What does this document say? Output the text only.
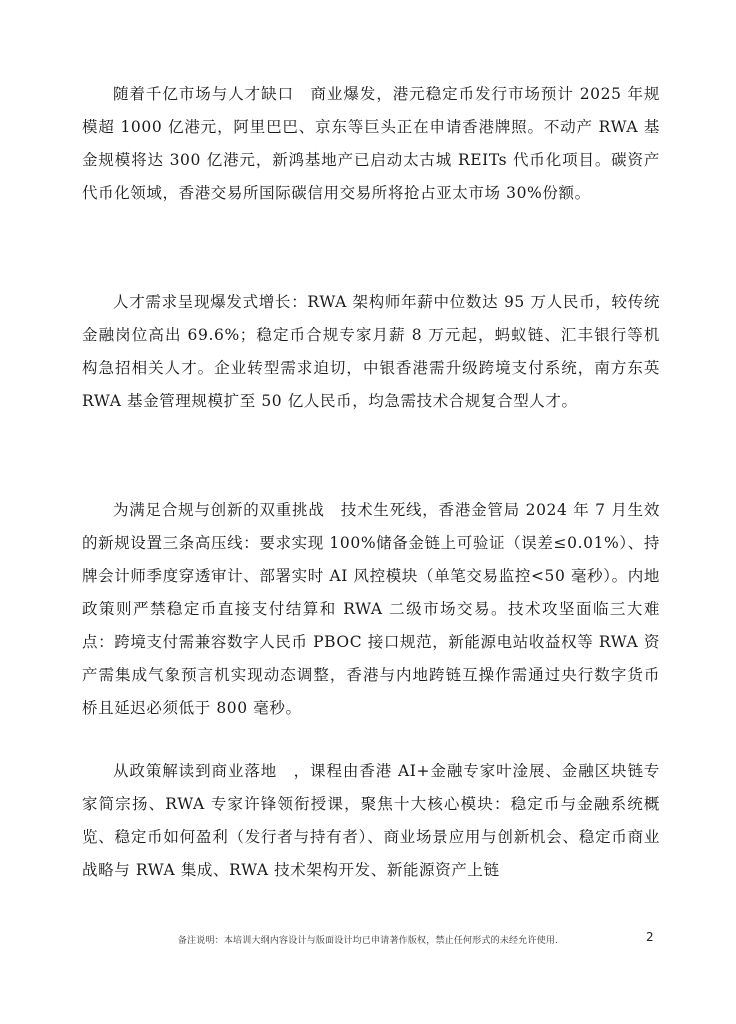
随着千亿市场与人才缺口　商业爆发，港元稳定币发行市场预计 2025 年规模超 1000 亿港元，阿里巴巴、京东等巨头正在申请香港牌照。不动产 RWA 基金规模将达 300 亿港元，新鸿基地产已启动太古城 REITs 代币化项目。碳资产代币化领域，香港交易所国际碳信用交易所将抢占亚太市场 30%份额。

人才需求呈现爆发式增长：RWA 架构师年薪中位数达 95 万人民币，较传统金融岗位高出 69.6%；稳定币合规专家月薪 8 万元起，蚂蚁链、汇丰银行等机构急招相关人才。企业转型需求迫切，中银香港需升级跨境支付系统，南方东英 RWA 基金管理规模扩至 50 亿人民币，均急需技术合规复合型人才。

为满足合规与创新的双重挑战　技术生死线，香港金管局 2024 年 7 月生效的新规设置三条高压线：要求实现 100%储备金链上可验证（误差≤0.01%）、持牌会计师季度穿透审计、部署实时 AI 风控模块（单笔交易监控<50 毫秒）。内地政策则严禁稳定币直接支付结算和 RWA 二级市场交易。技术攻坚面临三大难点：跨境支付需兼容数字人民币 PBOC 接口规范，新能源电站收益权等 RWA 资产需集成气象预言机实现动态调整，香港与内地跨链互操作需通过央行数字货币桥且延迟必须低于 800 毫秒。

从政策解读到商业落地　，课程由香港 AI+金融专家叶淦展、金融区块链专家简宗扬、RWA 专家许锋领衔授课，聚焦十大核心模块：稳定币与金融系统概览、稳定币如何盈利（发行者与持有者）、商业场景应用与创新机会、稳定币商业战略与 RWA 集成、RWA 技术架构开发、新能源资产上链

备注说明：本培训大纲内容设计与版面设计均已申请著作版权，禁止任何形式的未经允许使用.	2
